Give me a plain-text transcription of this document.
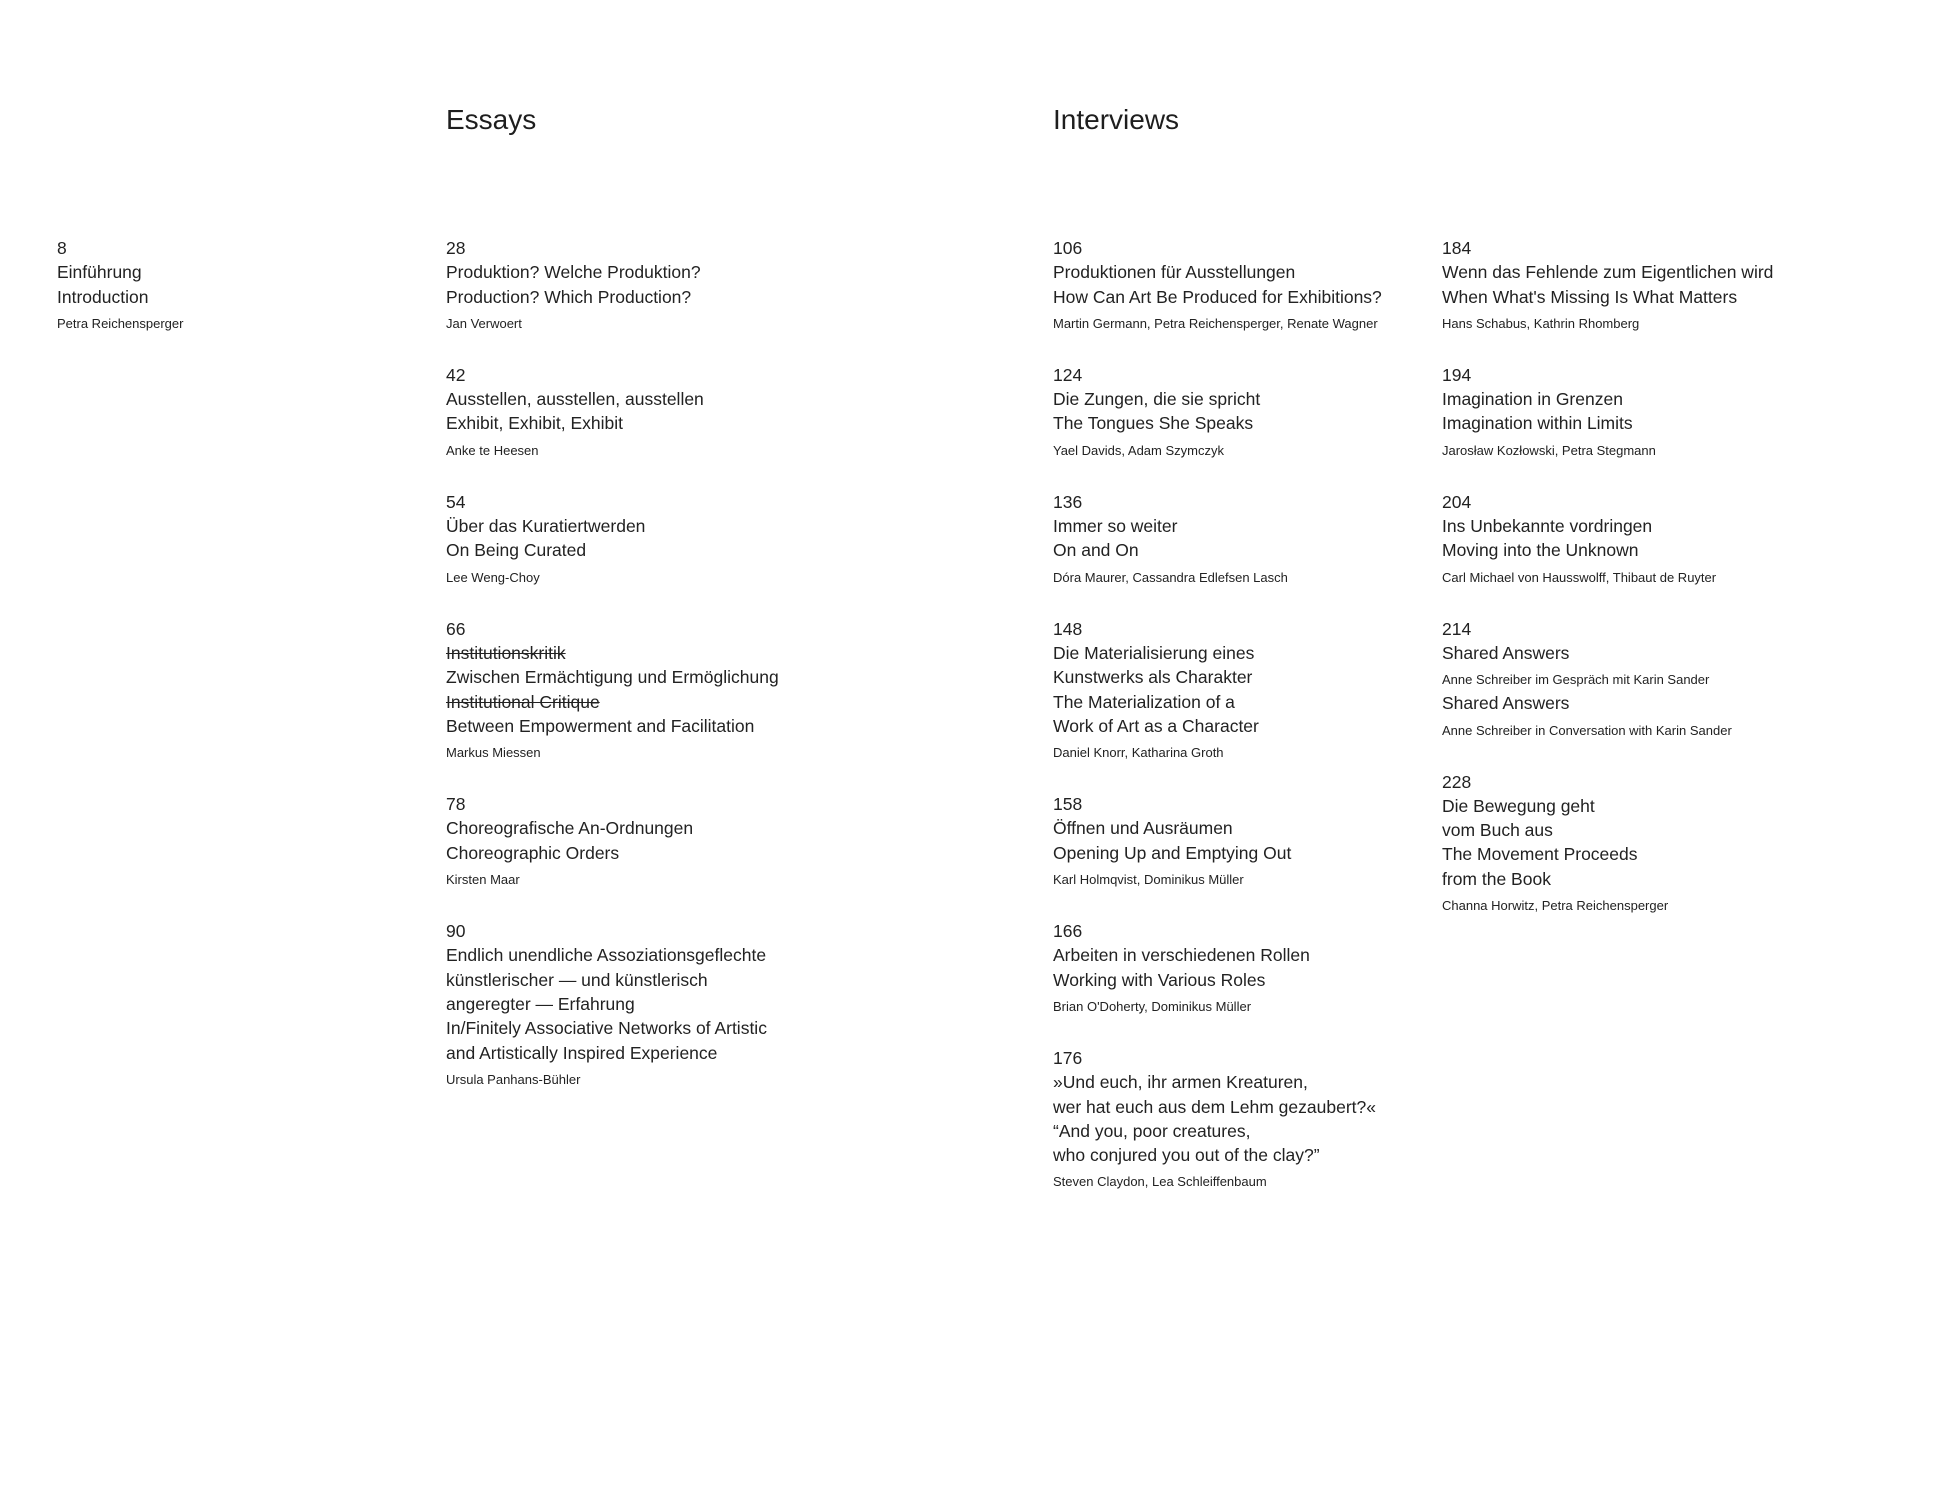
Essays	Interviews
8
Einführung
Introduction
Petra Reichensperger
28
Produktion? Welche Produktion?
Production? Which Production?
Jan Verwoert
42
Ausstellen, ausstellen, ausstellen
Exhibit, Exhibit, Exhibit
Anke te Heesen
54
Über das Kuratiertwerden
On Being Curated
Lee Weng-Choy
66
Institutionskritik
Zwischen Ermächtigung und Ermöglichung
Institutional Critique
Between Empowerment and Facilitation
Markus Miessen
78
Choreografische An-Ordnungen
Choreographic Orders
Kirsten Maar
90
Endlich unendliche Assoziationsgeflechte
künstlerischer — und künstlerisch
angeregter — Erfahrung
In/Finitely Associative Networks of Artistic
and Artistically Inspired Experience
Ursula Panhans-Bühler
106
Produktionen für Ausstellungen
How Can Art Be Produced for Exhibitions?
Martin Germann, Petra Reichensperger, Renate Wagner
124
Die Zungen, die sie spricht
The Tongues She Speaks
Yael Davids, Adam Szymczyk
136
Immer so weiter
On and On
Dóra Maurer, Cassandra Edlefsen Lasch
148
Die Materialisierung eines
Kunstwerks als Charakter
The Materialization of a
Work of Art as a Character
Daniel Knorr, Katharina Groth
158
Öffnen und Ausräumen
Opening Up and Emptying Out
Karl Holmqvist, Dominikus Müller
166
Arbeiten in verschiedenen Rollen
Working with Various Roles
Brian O'Doherty, Dominikus Müller
176
»Und euch, ihr armen Kreaturen,
wer hat euch aus dem Lehm gezaubert?«
“And you, poor creatures,
who conjured you out of the clay?”
Steven Claydon, Lea Schleiffenbaum
184
Wenn das Fehlende zum Eigentlichen wird
When What's Missing Is What Matters
Hans Schabus, Kathrin Rhomberg
194
Imagination in Grenzen
Imagination within Limits
Jarosław Kozłowski, Petra Stegmann
204
Ins Unbekannte vordringen
Moving into the Unknown
Carl Michael von Hausswolff, Thibaut de Ruyter
214
Shared Answers
Anne Schreiber im Gespräch mit Karin Sander
Shared Answers
Anne Schreiber in Conversation with Karin Sander
228
Die Bewegung geht
vom Buch aus
The Movement Proceeds
from the Book
Channa Horwitz, Petra Reichensperger
